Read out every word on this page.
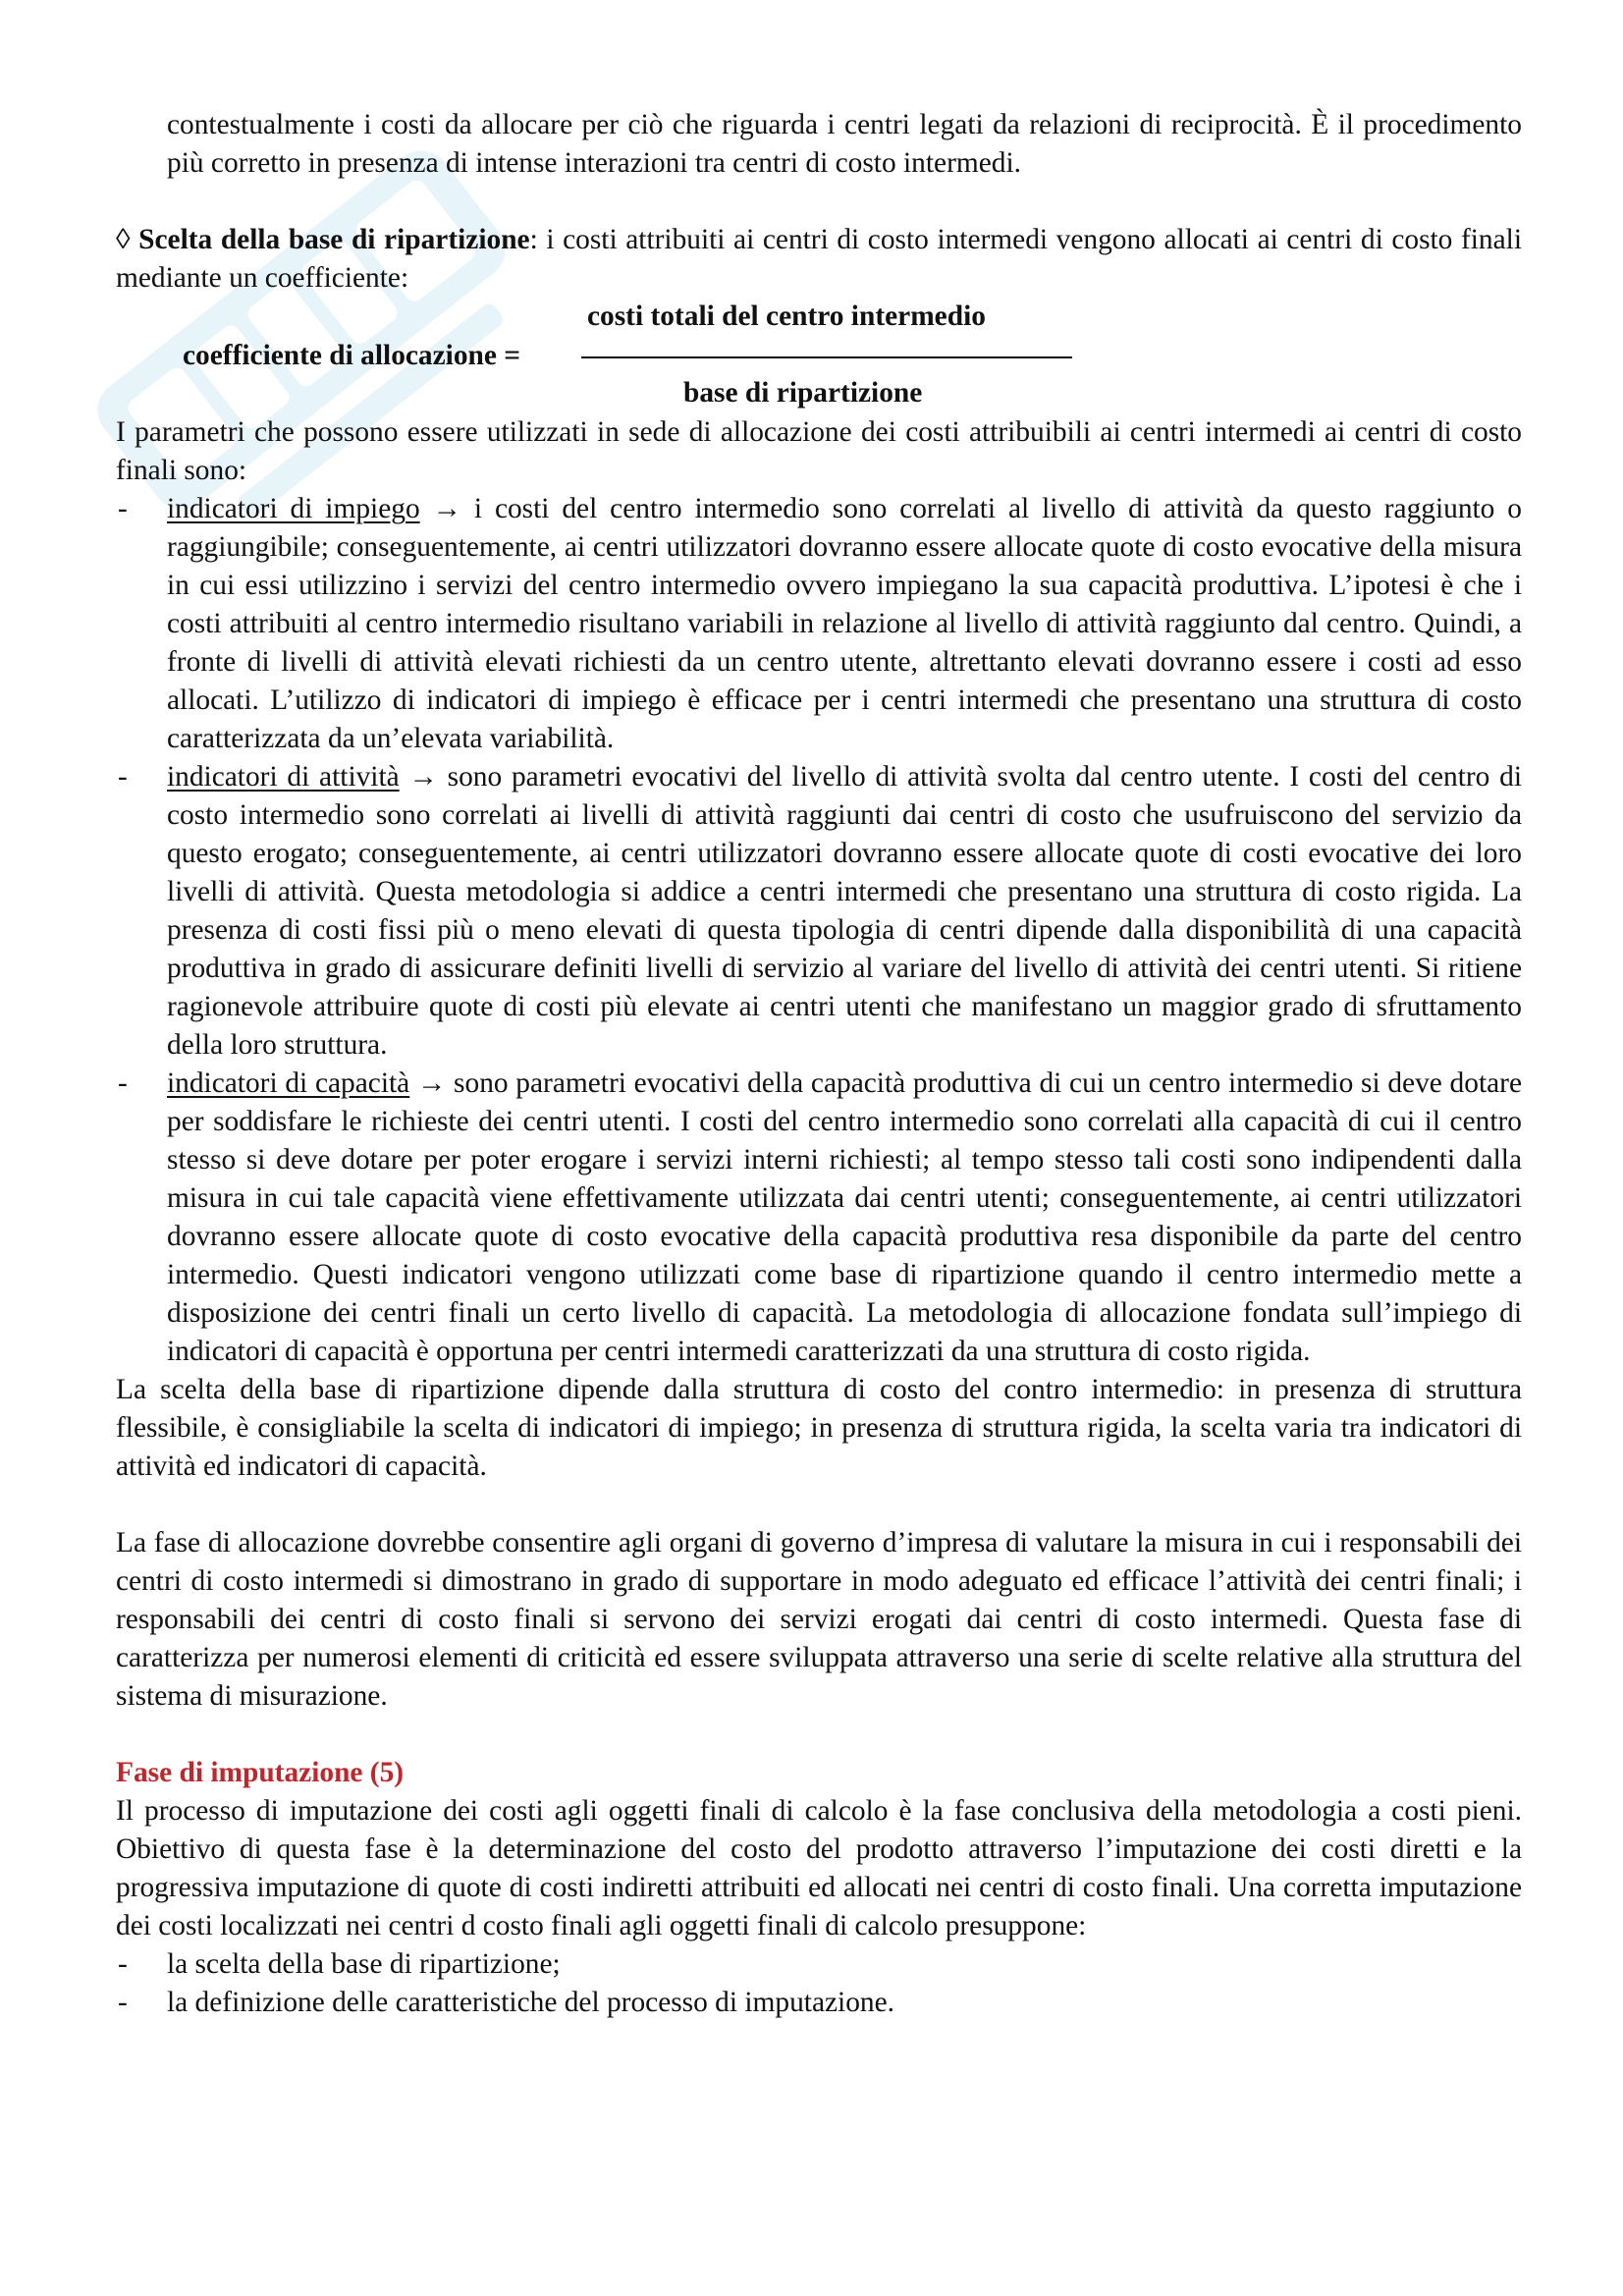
contestualmente i costi da allocare per ciò che riguarda i centri legati da relazioni di reciprocità. È il procedimento più corretto in presenza di intense interazioni tra centri di costo intermedi.

◊ Scelta della base di ripartizione: i costi attribuiti ai centri di costo intermedi vengono allocati ai centri di costo finali mediante un coefficiente:

costi totali del centro intermedio
coefficiente di allocazione =
base di ripartizione

I parametri che possono essere utilizzati in sede di allocazione dei costi attribuibili ai centri intermedi ai centri di costo finali sono:

- indicatori di impiego → i costi del centro intermedio sono correlati al livello di attività da questo raggiunto o raggiungibile; conseguentemente, ai centri utilizzatori dovranno essere allocate quote di costo evocative della misura in cui essi utilizzino i servizi del centro intermedio ovvero impiegano la sua capacità produttiva. L’ipotesi è che i costi attribuiti al centro intermedio risultano variabili in relazione al livello di attività raggiunto dal centro. Quindi, a fronte di livelli di attività elevati richiesti da un centro utente, altrettanto elevati dovranno essere i costi ad esso allocati. L’utilizzo di indicatori di impiego è efficace per i centri intermedi che presentano una struttura di costo caratterizzata da un’elevata variabilità.
- indicatori di attività → sono parametri evocativi del livello di attività svolta dal centro utente. I costi del centro di costo intermedio sono correlati ai livelli di attività raggiunti dai centri di costo che usufruiscono del servizio da questo erogato; conseguentemente, ai centri utilizzatori dovranno essere allocate quote di costi evocative dei loro livelli di attività. Questa metodologia si addice a centri intermedi che presentano una struttura di costo rigida. La presenza di costi fissi più o meno elevati di questa tipologia di centri dipende dalla disponibilità di una capacità produttiva in grado di assicurare definiti livelli di servizio al variare del livello di attività dei centri utenti. Si ritiene ragionevole attribuire quote di costi più elevate ai centri utenti che manifestano un maggior grado di sfruttamento della loro struttura.
- indicatori di capacità → sono parametri evocativi della capacità produttiva di cui un centro intermedio si deve dotare per soddisfare le richieste dei centri utenti. I costi del centro intermedio sono correlati alla capacità di cui il centro stesso si deve dotare per poter erogare i servizi interni richiesti; al tempo stesso tali costi sono indipendenti dalla misura in cui tale capacità viene effettivamente utilizzata dai centri utenti; conseguentemente, ai centri utilizzatori dovranno essere allocate quote di costo evocative della capacità produttiva resa disponibile da parte del centro intermedio. Questi indicatori vengono utilizzati come base di ripartizione quando il centro intermedio mette a disposizione dei centri finali un certo livello di capacità. La metodologia di allocazione fondata sull’impiego di indicatori di capacità è opportuna per centri intermedi caratterizzati da una struttura di costo rigida.

La scelta della base di ripartizione dipende dalla struttura di costo del contro intermedio: in presenza di struttura flessibile, è consigliabile la scelta di indicatori di impiego; in presenza di struttura rigida, la scelta varia tra indicatori di attività ed indicatori di capacità.

La fase di allocazione dovrebbe consentire agli organi di governo d’impresa di valutare la misura in cui i responsabili dei centri di costo intermedi si dimostrano in grado di supportare in modo adeguato ed efficace l’attività dei centri finali; i responsabili dei centri di costo finali si servono dei servizi erogati dai centri di costo intermedi. Questa fase di caratterizza per numerosi elementi di criticità ed essere sviluppata attraverso una serie di scelte relative alla struttura del sistema di misurazione.

Fase di imputazione (5)

Il processo di imputazione dei costi agli oggetti finali di calcolo è la fase conclusiva della metodologia a costi pieni. Obiettivo di questa fase è la determinazione del costo del prodotto attraverso l’imputazione dei costi diretti e la progressiva imputazione di quote di costi indiretti attribuiti ed allocati nei centri di costo finali. Una corretta imputazione dei costi localizzati nei centri d costo finali agli oggetti finali di calcolo presuppone:

- la scelta della base di ripartizione;
- la definizione delle caratteristiche del processo di imputazione.
